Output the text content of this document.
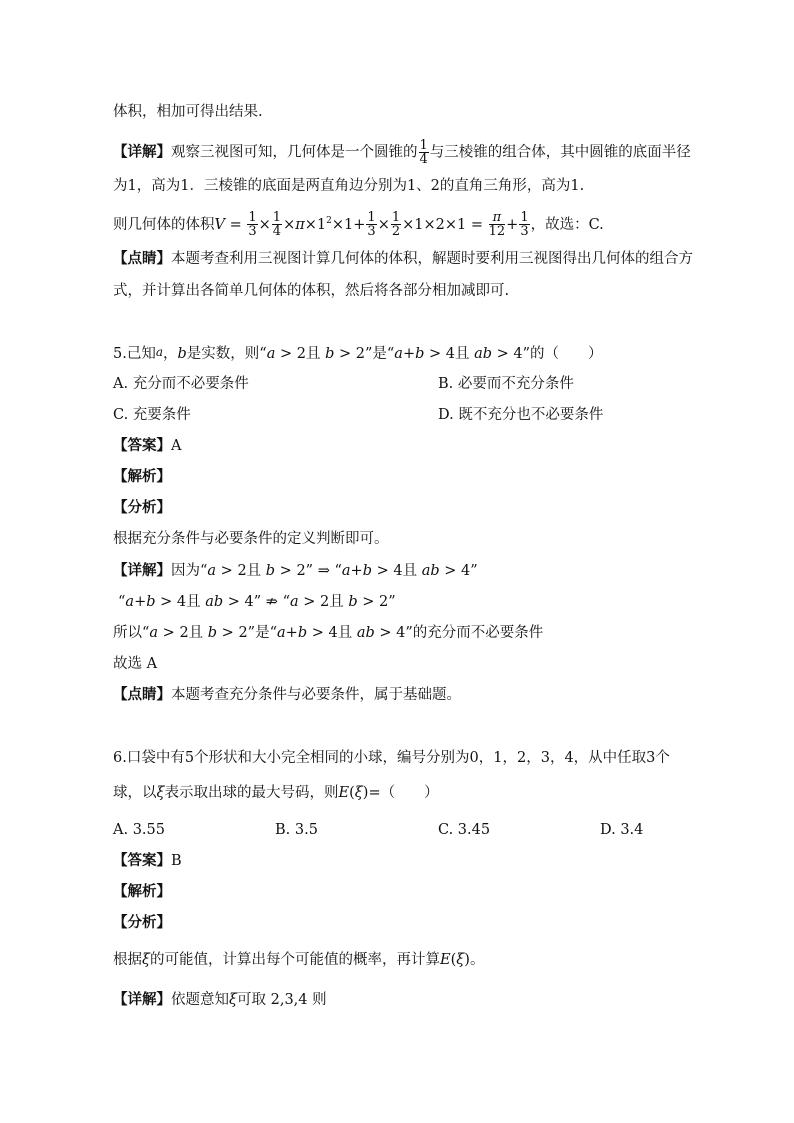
体积，相加可得出结果.
【详解】观察三视图可知，几何体是一个圆锥的 $\frac{1}{4}$ 与三棱锥的组合体，其中圆锥的底面半径
为1，高为1．三棱锥的底面是两直角边分别为1、2的直角三角形，高为1.
则几何体的体积$V = \frac{1}{3} \times \frac{1}{4} \times\pi\times 1^2\times 1+ \frac{1}{3} \times \frac{1}{2} \times 1\times 2\times 1 = \frac{\pi}{12} + \frac{1}{3}$ ，故选：C.
【点睛】本题考查利用三视图计算几何体的体积，解题时要利用三视图得出几何体的组合方
式，并计算出各简单几何体的体积，然后将各部分相加减即可.
5.己知a，b是实数，则“a > 2且 b > 2”是“a+b > 4且 ab > 4”的（　　）
A. 充分而不必要条件	B. 必要而不充分条件
C. 充要条件	D. 既不充分也不必要条件
【答案】A
【解析】
【分析】
根据充分条件与必要条件的定义判断即可。
【详解】因为“a > 2且 b > 2” ⇒ “a+b > 4且 ab > 4”
“a+b > 4且 ab > 4” ⇏ “a > 2且 b > 2”
所以“a > 2且 b > 2”是“a+b > 4且 ab > 4”的充分而不必要条件
故选 A
【点睛】本题考查充分条件与必要条件，属于基础题。
6.口袋中有5个形状和大小完全相同的小球，编号分别为0，1，2，3，4，从中任取3个
球，以ξ表示取出球的最大号码，则E(ξ)=（　　）
A. 3.55	B. 3.5	C. 3.45	D. 3.4
【答案】B
【解析】
【分析】
根据ξ的可能值，计算出每个可能值的概率，再计算E(ξ)。
【详解】依题意知ξ可取 2,3,4 则
